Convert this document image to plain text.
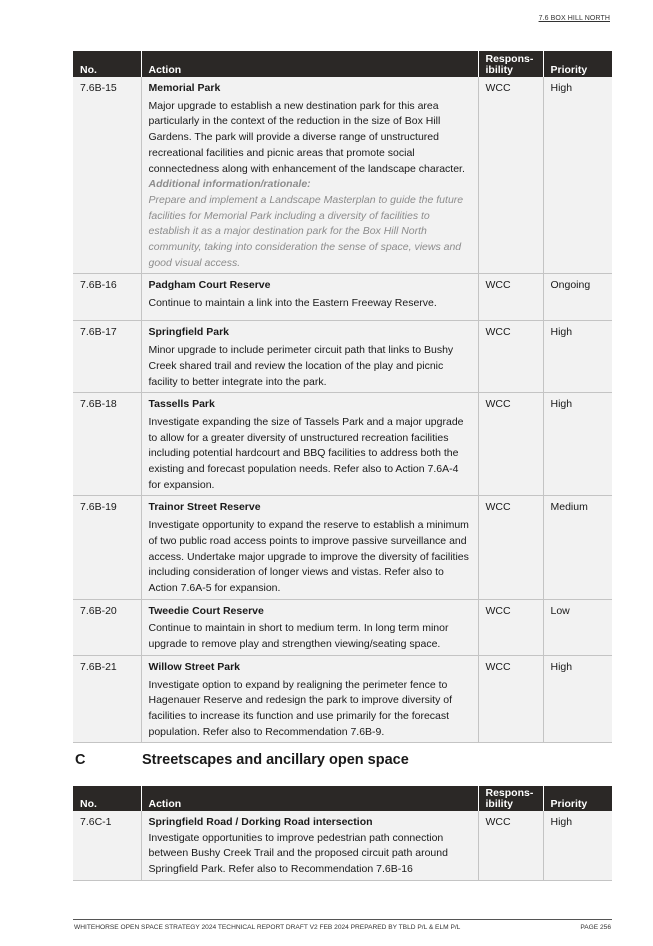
7.6 BOX HILL NORTH
No.	Action	Respons-ibility	Priority
7.6B-15	Memorial Park
Major upgrade to establish a new destination park for this area particularly in the context of the reduction in the size of Box Hill Gardens. The park will provide a diverse range of unstructured recreational facilities and picnic areas that promote social connectedness along with enhancement of the landscape character.
Additional information/rationale:
Prepare and implement a Landscape Masterplan to guide the future facilities for Memorial Park including a diversity of facilities to establish it as a major destination park for the Box Hill North community, taking into consideration the sense of space, views and good visual access.	WCC	High
7.6B-16	Padgham Court Reserve
Continue to maintain a link into the Eastern Freeway Reserve.	WCC	Ongoing
7.6B-17	Springfield Park
Minor upgrade to include perimeter circuit path that links to Bushy Creek shared trail and review the location of the play and picnic facility to better integrate into the park.	WCC	High
7.6B-18	Tassells Park
Investigate expanding the size of Tassels Park and a major upgrade to allow for a greater diversity of unstructured recreation facilities including potential hardcourt and BBQ facilities to address both the existing and forecast population needs. Refer also to Action 7.6A-4 for expansion.	WCC	High
7.6B-19	Trainor Street Reserve
Investigate opportunity to expand the reserve to establish a minimum of two public road access points to improve passive surveillance and access. Undertake major upgrade to improve the diversity of facilities including consideration of longer views and vistas. Refer also to Action 7.6A-5 for expansion.	WCC	Medium
7.6B-20	Tweedie Court Reserve
Continue to maintain in short to medium term. In long term minor upgrade to remove play and strengthen viewing/seating space.	WCC	Low
7.6B-21	Willow Street Park
Investigate option to expand by realigning the perimeter fence to Hagenauer Reserve and redesign the park to improve diversity of facilities to increase its function and use primarily for the forecast population. Refer also to Recommendation 7.6B-9.	WCC	High
C	Streetscapes and ancillary open space
No.	Action	Respons-ibility	Priority
7.6C-1	Springfield Road / Dorking Road intersection
Investigate opportunities to improve pedestrian path connection between Bushy Creek Trail and the proposed circuit path around Springfield Park. Refer also to Recommendation 7.6B-16	WCC	High
WHITEHORSE OPEN SPACE STRATEGY 2024 TECHNICAL REPORT DRAFT V2 FEB 2024 PREPARED BY TBLD P/L & ELM P/L	PAGE 256
